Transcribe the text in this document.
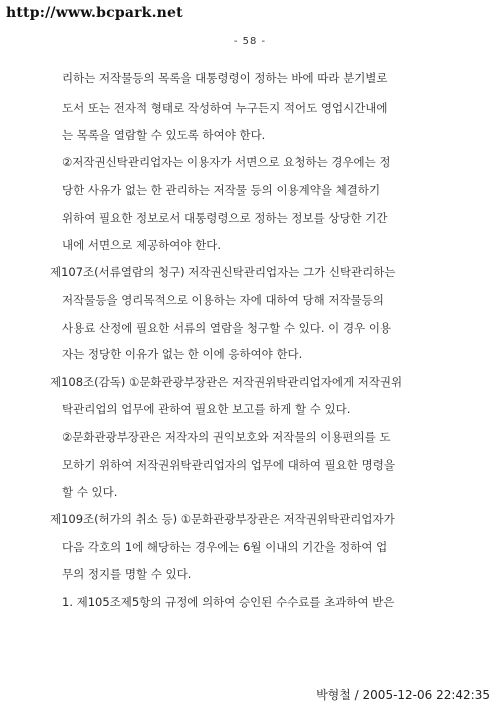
http://www.bcpark.net
- 58 -
리하는 저작물등의 목록을 대통령령이 정하는 바에 따라 분기별로
도서 또는 전자적 형태로 작성하여 누구든지 적어도 영업시간내에
는 목록을 열람할 수 있도록 하여야 한다.
②저작권신탁관리업자는 이용자가 서면으로 요청하는 경우에는 정
당한 사유가 없는 한 관리하는 저작물 등의 이용계약을 체결하기
위하여 필요한 정보로서 대통령령으로 정하는 정보를 상당한 기간
내에 서면으로 제공하여야 한다.
제107조(서류열람의 청구) 저작권신탁관리업자는 그가 신탁관리하는
저작물등을 영리목적으로 이용하는 자에 대하여 당해 저작물등의
사용료 산정에 필요한 서류의 열람을 청구할 수 있다. 이 경우 이용
자는 정당한 이유가 없는 한 이에 응하여야 한다.
제108조(감독) ①문화관광부장관은 저작권위탁관리업자에게 저작권위
탁관리업의 업무에 관하여 필요한 보고를 하게 할 수 있다.
②문화관광부장관은 저작자의 권익보호와 저작물의 이용편의를 도
모하기 위하여 저작권위탁관리업자의 업무에 대하여 필요한 명령을
할 수 있다.
제109조(허가의 취소 등) ①문화관광부장관은 저작권위탁관리업자가
다음 각호의 1에 해당하는 경우에는 6월 이내의 기간을 정하여 업
무의 정지를 명할 수 있다.
1. 제105조제5항의 규정에 의하여 승인된 수수료를 초과하여 받은
박형철 / 2005-12-06 22:42:35
